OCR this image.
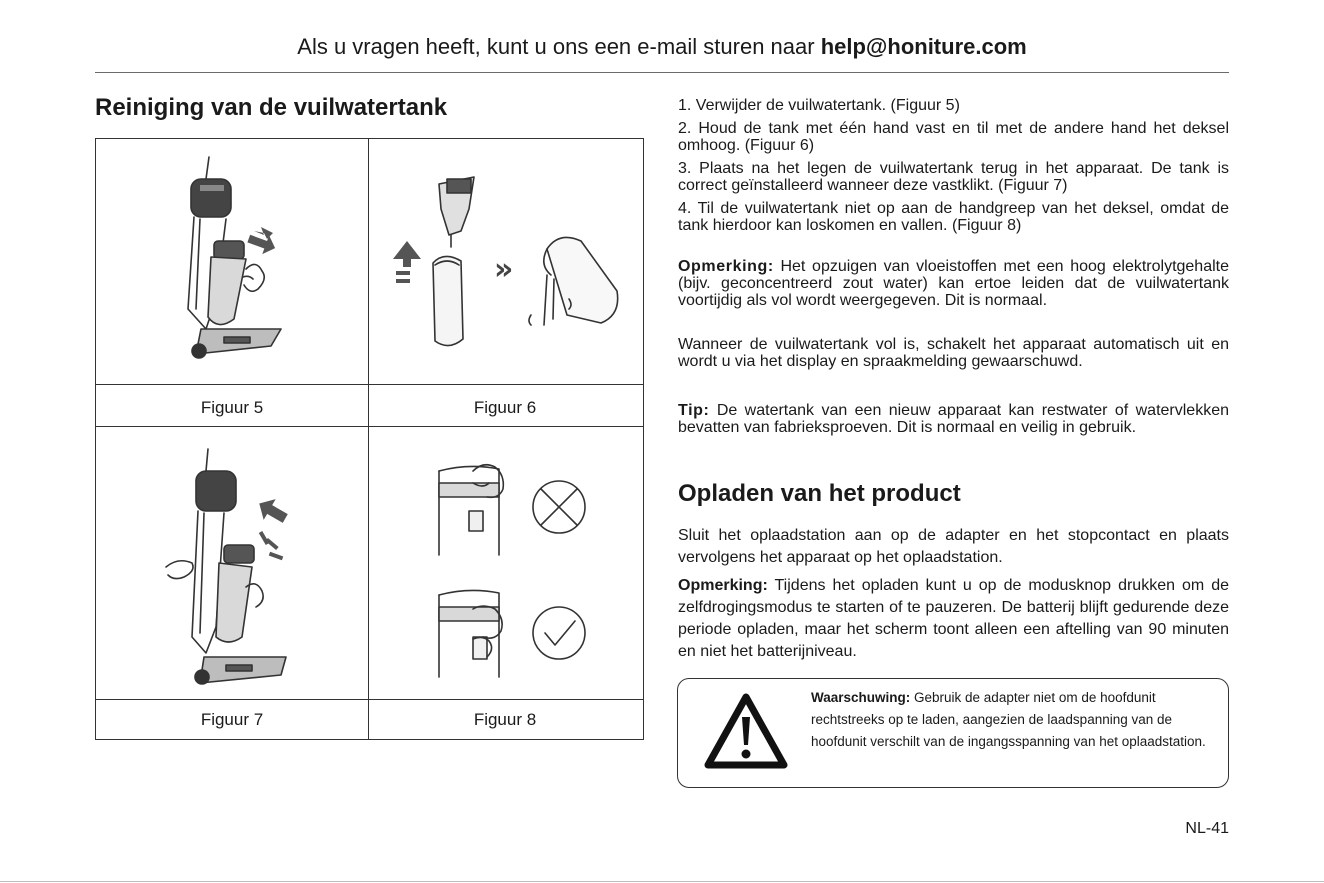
Als u vragen heeft, kunt u ons een e-mail sturen naar help@honiture.com
Reiniging van de vuilwatertank
»
Figuur 5	Figuur 6
Figuur 7	Figuur 8

1. Verwijder de vuilwatertank. (Figuur 5)

2. Houd de tank met één hand vast en til met de andere hand het deksel omhoog. (Figuur 6)

3. Plaats na het legen de vuilwatertank terug in het apparaat. De tank is correct geïnstalleerd wanneer deze vastklikt. (Figuur 7)

4. Til de vuilwatertank niet op aan de handgreep van het deksel, omdat de tank hierdoor kan loskomen en vallen. (Figuur 8)

Opmerking: Het opzuigen van vloeistoffen met een hoog elektrolytgehalte (bijv. geconcentreerd zout water) kan ertoe leiden dat de vuilwatertank voortijdig als vol wordt weergegeven. Dit is normaal.

Wanneer de vuilwatertank vol is, schakelt het apparaat automatisch uit en wordt u via het display en spraakmelding gewaarschuwd.

Tip: De watertank van een nieuw apparaat kan restwater of watervlekken bevatten van fabrieksproeven. Dit is normaal en veilig in gebruik.

Opladen van het product

Sluit het oplaadstation aan op de adapter en het stopcontact en plaats vervolgens het apparaat op het oplaadstation.

Opmerking: Tijdens het opladen kunt u op de modusknop drukken om de zelfdrogingsmodus te starten of te pauzeren. De batterij blijft gedurende deze periode opladen, maar het scherm toont alleen een aftelling van 90 minuten en niet het batterijniveau.

Waarschuwing: Gebruik de adapter niet om de hoofdunit rechtstreeks op te laden, aangezien de laadspanning van de hoofdunit verschilt van de ingangsspanning van het oplaadstation.
NL-41
